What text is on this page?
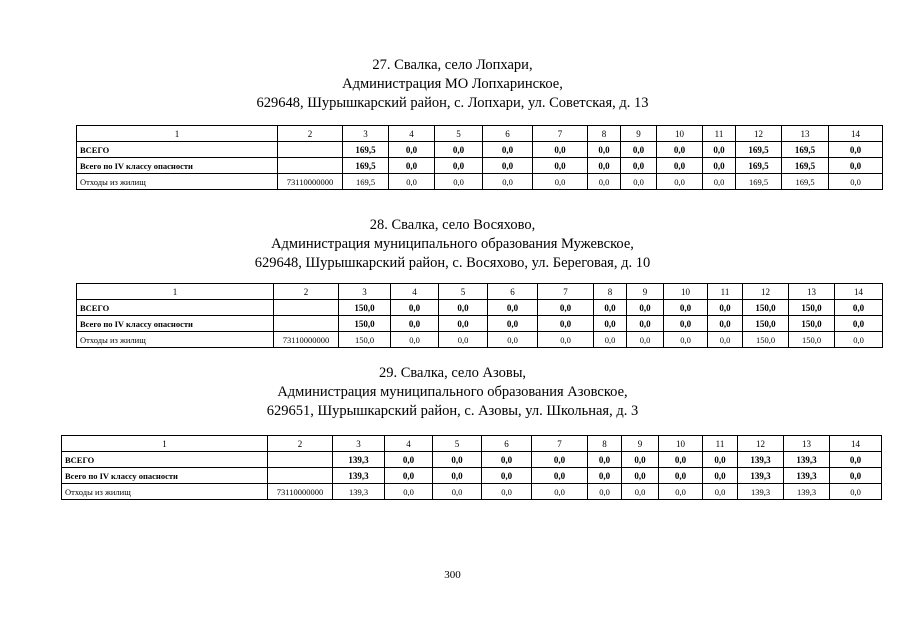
27. Свалка, село Лопхари,
Администрация МО Лопхаринское,
629648, Шурышкарский район, с. Лопхари, ул. Советская, д. 13
1	2	3	4	5	6	7	8	9	10	11	12	13	14
ВСЕГО		169,5	0,0	0,0	0,0	0,0	0,0	0,0	0,0	0,0	169,5	169,5	0,0
Всего по IV классу опасности		169,5	0,0	0,0	0,0	0,0	0,0	0,0	0,0	0,0	169,5	169,5	0,0
Отходы из жилищ	73110000000	169,5	0,0	0,0	0,0	0,0	0,0	0,0	0,0	0,0	169,5	169,5	0,0
28. Свалка, село Восяхово,
Администрация муниципального образования Мужевское,
629648, Шурышкарский район, с. Восяхово, ул. Береговая, д. 10
1	2	3	4	5	6	7	8	9	10	11	12	13	14
ВСЕГО		150,0	0,0	0,0	0,0	0,0	0,0	0,0	0,0	0,0	150,0	150,0	0,0
Всего по IV классу опасности		150,0	0,0	0,0	0,0	0,0	0,0	0,0	0,0	0,0	150,0	150,0	0,0
Отходы из жилищ	73110000000	150,0	0,0	0,0	0,0	0,0	0,0	0,0	0,0	0,0	150,0	150,0	0,0
29. Свалка, село Азовы,
Администрация муниципального образования Азовское,
629651, Шурышкарский район, с. Азовы, ул. Школьная, д. 3
1	2	3	4	5	6	7	8	9	10	11	12	13	14
ВСЕГО		139,3	0,0	0,0	0,0	0,0	0,0	0,0	0,0	0,0	139,3	139,3	0,0
Всего по IV классу опасности		139,3	0,0	0,0	0,0	0,0	0,0	0,0	0,0	0,0	139,3	139,3	0,0
Отходы из жилищ	73110000000	139,3	0,0	0,0	0,0	0,0	0,0	0,0	0,0	0,0	139,3	139,3	0,0
300
